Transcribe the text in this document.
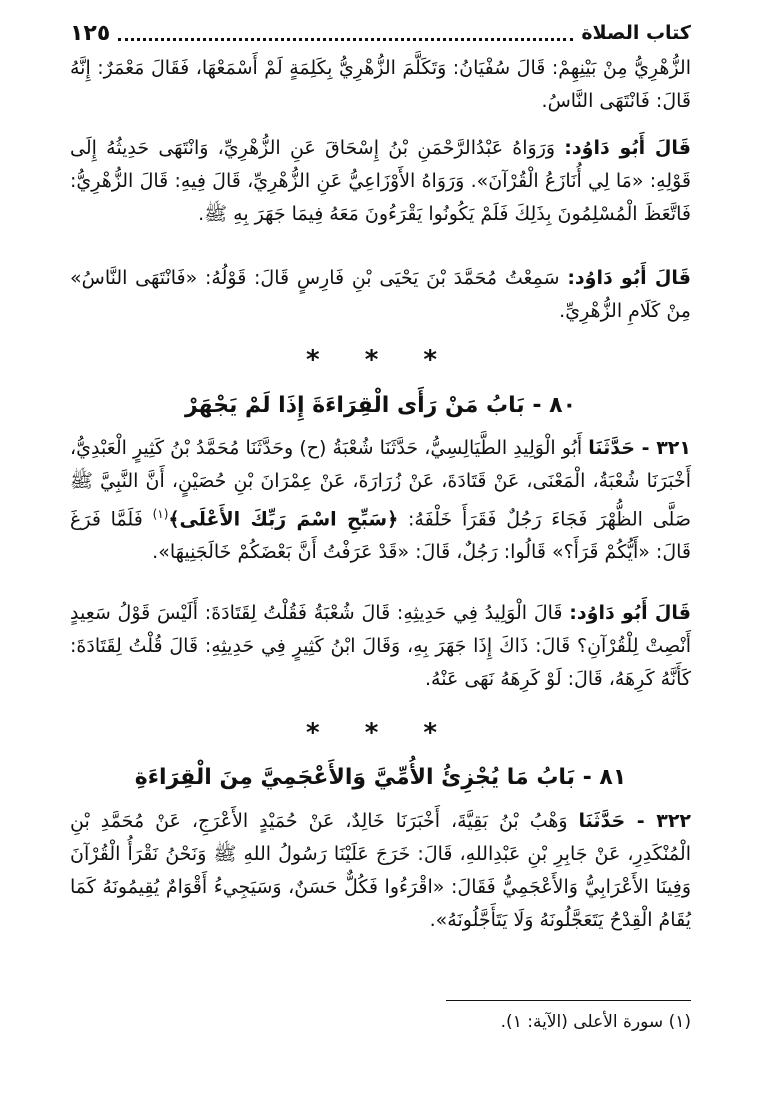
كتاب الصلاة
١٢٥
الزُّهْرِيُّ مِنْ بَيْنِهِمْ: قَالَ سُفْيَانُ: وَتَكَلَّمَ الزُّهْرِيُّ بِكَلِمَةٍ لَمْ أَسْمَعْهَا، فَقَالَ مَعْمَرٌ: إِنَّهُ قَالَ: فَانْتَهَى النَّاسُ.
قَالَ أَبُو دَاوُد: وَرَوَاهُ عَبْدُالرَّحْمَنِ بْنُ إِسْحَاقَ عَنِ الزُّهْرِيِّ، وَانْتَهَى حَدِيثُهُ إِلَى قَوْلِهِ: «مَا لِي أُنَازَعُ الْقُرْآنَ». وَرَوَاهُ الأَوْزَاعِيُّ عَنِ الزُّهْرِيِّ، قَالَ فِيهِ: قَالَ الزُّهْرِيُّ: فَاتَّعَظَ الْمُسْلِمُونَ بِذَلِكَ فَلَمْ يَكُونُوا يَقْرَءُونَ مَعَهُ فِيمَا جَهَرَ بِهِ ﷺ.
قَالَ أَبُو دَاوُد: سَمِعْتُ مُحَمَّدَ بْنَ يَحْيَى بْنِ فَارِسٍ قَالَ: قَوْلُهُ: «فَانْتَهَى النَّاسُ» مِنْ كَلَامِ الزُّهْرِيِّ.
* * *
٨٠ - بَابُ مَنْ رَأَى الْقِرَاءَةَ إِذَا لَمْ يَجْهَرْ
٣٢١ - حَدَّثَنَا أَبُو الْوَلِيدِ الطَّيَالِسِيُّ، حَدَّثَنَا شُعْبَةُ (ح) وحَدَّثَنَا مُحَمَّدُ بْنُ كَثِيرٍ الْعَبْدِيُّ، أَخْبَرَنَا شُعْبَةُ، الْمَعْنَى، عَنْ قَتَادَةَ، عَنْ زُرَارَةَ، عَنْ عِمْرَانَ بْنِ حُصَيْنٍ، أَنَّ النَّبِيَّ ﷺ صَلَّى الظُّهْرَ فَجَاءَ رَجُلٌ فَقَرَأَ خَلْفَهُ: ﴿سَبِّحِ اسْمَ رَبِّكَ الأَعْلَى﴾$^{(١)}$ فَلَمَّا فَرَغَ قَالَ: «أَيُّكُمْ قَرَأَ؟» قَالُوا: رَجُلٌ، قَالَ: «قَدْ عَرَفْتُ أَنَّ بَعْضَكُمْ خَالَجَنِيهَا».
قَالَ أَبُو دَاوُد: قَالَ الْوَلِيدُ فِي حَدِيثِهِ: قَالَ شُعْبَةُ فَقُلْتُ لِقَتَادَةَ: أَلَيْسَ قَوْلُ سَعِيدٍ أَنْصِتْ لِلْقُرْآنِ؟ قَالَ: ذَاكَ إِذَا جَهَرَ بِهِ، وَقَالَ ابْنُ كَثِيرٍ فِي حَدِيثِهِ: قَالَ قُلْتُ لِقَتَادَةَ: كَأَنَّهُ كَرِهَهُ، قَالَ: لَوْ كَرِهَهُ نَهَى عَنْهُ.
* * *
٨١ - بَابُ مَا يُجْزِئُ الأُمِّيَّ وَالأَعْجَمِيَّ مِنَ الْقِرَاءَةِ
٣٢٢ - حَدَّثَنَا وَهْبُ بْنُ بَقِيَّةَ، أَخْبَرَنَا خَالِدٌ، عَنْ حُمَيْدٍ الأَعْرَجِ، عَنْ مُحَمَّدِ بْنِ الْمُنْكَدِرِ، عَنْ جَابِرِ بْنِ عَبْدِاللهِ، قَالَ: خَرَجَ عَلَيْنَا رَسُولُ اللهِ ﷺ وَنَحْنُ نَقْرَأُ الْقُرْآنَ وَفِينَا الأَعْرَابِيُّ وَالأَعْجَمِيُّ فَقَالَ: «اقْرَءُوا فَكُلٌّ حَسَنٌ، وَسَيَجِيءُ أَقْوَامٌ يُقِيمُونَهُ كَمَا يُقَامُ الْقِدْحُ يَتَعَجَّلُونَهُ وَلَا يَتَأَجَّلُونَهُ».
(١) سورة الأعلى (الآية: ١).
